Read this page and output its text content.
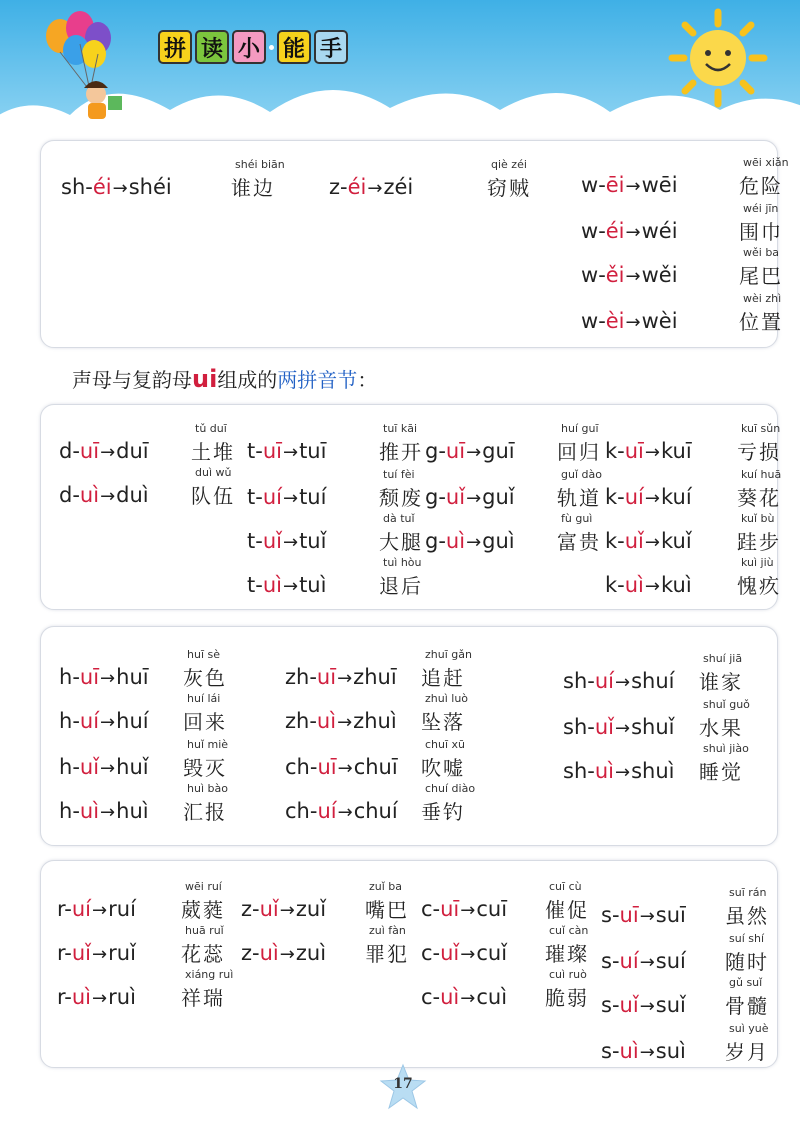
拼 读 小 能 手
sh-éi→shéi
shéi biān
谁边	z-éi→zéi
qiè zéi
窃贼 w-ēi→wēi
wēi xiǎn
危险
w-éi→wéi
wéi jīn
围巾
w-ěi→wěi
wěi ba
尾巴
w-èi→wèi
wèi zhì
位置
声母与复韵母ui组成的两拼音节：
d-uī→duī
tǔ duī
土堆
d-uì→duì
duì wǔ
队伍
t-uī→tuī
tuī kāi
推开
t-uí→tuí
tuí fèi
颓废
t-uǐ→tuǐ
dà tuǐ
大腿
t-uì→tuì
tuì hòu
退后
g-uī→guī
huí guī
回归
g-uǐ→guǐ
guǐ dào
轨道
g-uì→guì
fù guì
富贵
k-uī→kuī
kuī sǔn
亏损
k-uí→kuí
kuí huā
葵花
k-uǐ→kuǐ
kuǐ bù
跬步
k-uì→kuì
kuì jiù
愧疚
h-uī→huī
huī sè
灰色
h-uí→huí
huí lái
回来
h-uǐ→huǐ
huǐ miè
毁灭
h-uì→huì
huì bào
汇报
zh-uī→zhuī
zhuī gǎn
追赶
zh-uì→zhuì
zhuì luò
坠落
ch-uī→chuī
chuī xū
吹嘘
ch-uí→chuí
chuí diào
垂钓
sh-uí→shuí
shuí jiā
谁家
sh-uǐ→shuǐ
shuǐ guǒ
水果
sh-uì→shuì
shuì jiào
睡觉
r-uí→ruí
wēi ruí
葳蕤
r-uǐ→ruǐ
huā ruǐ
花蕊
r-uì→ruì
xiáng ruì
祥瑞
z-uǐ→zuǐ
zuǐ ba
嘴巴
z-uì→zuì
zuì fàn
罪犯
c-uī→cuī
cuī cù
催促
c-uǐ→cuǐ
cuǐ càn
璀璨
c-uì→cuì
cuì ruò
脆弱
s-uī→suī
suī rán
虽然
s-uí→suí
suí shí
随时
s-uǐ→suǐ
gǔ suǐ
骨髓
s-uì→suì
suì yuè
岁月
17
